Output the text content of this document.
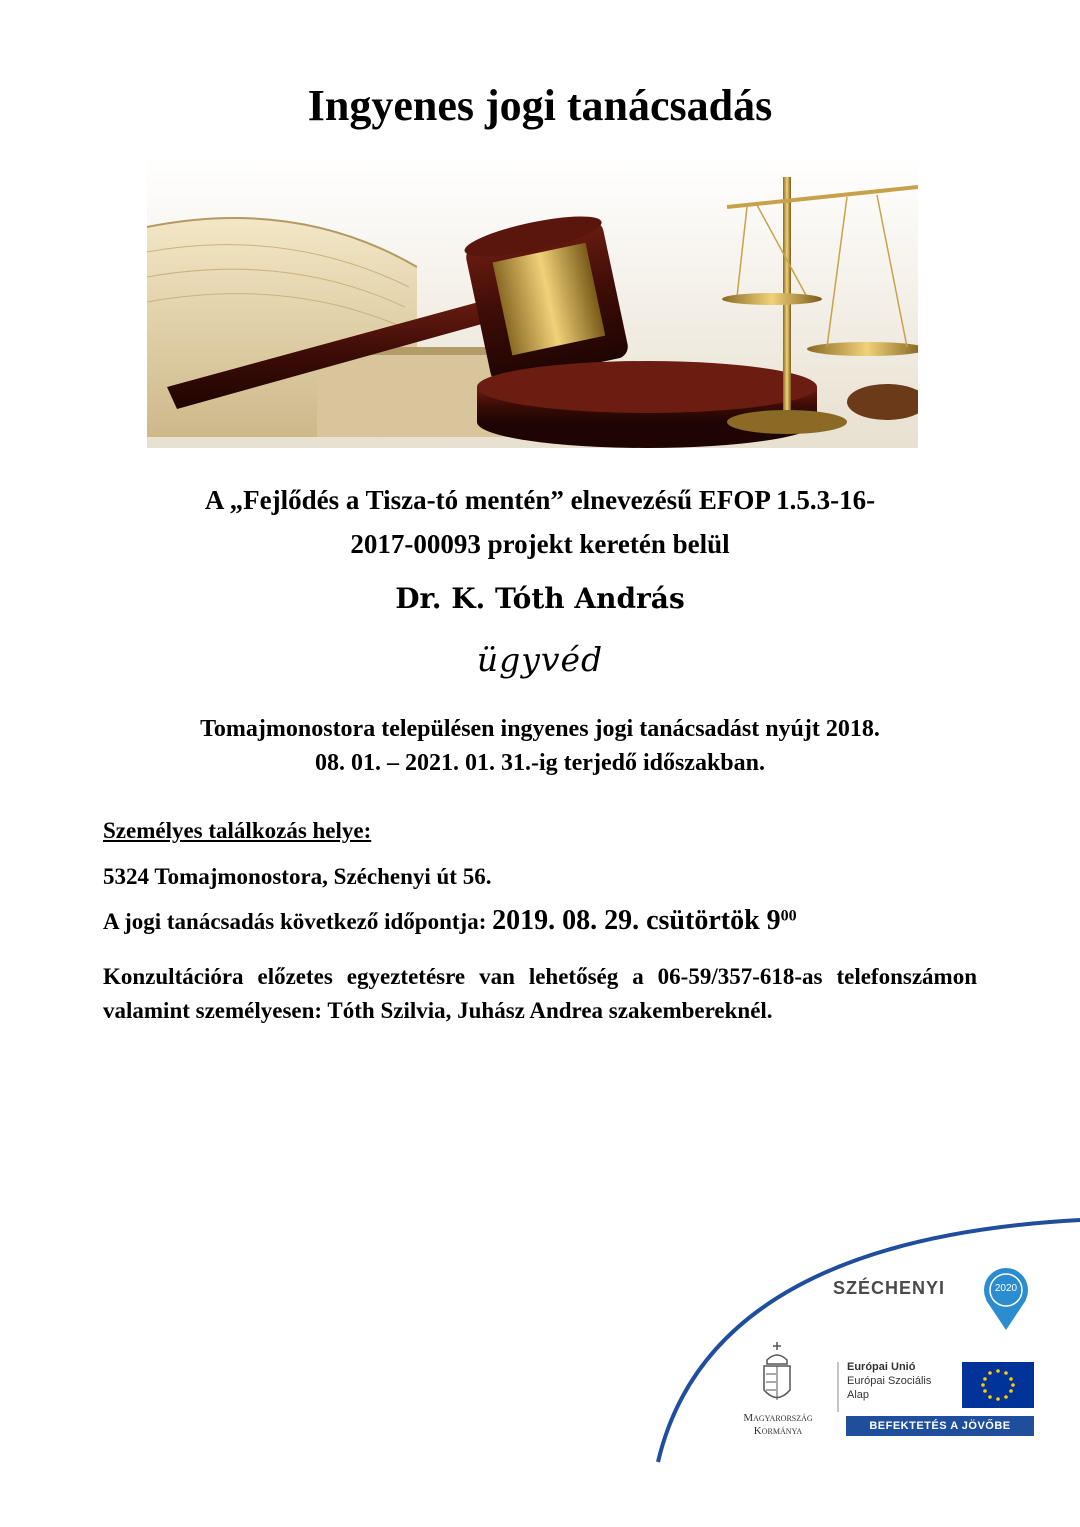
Ingyenes jogi tanácsadás
A „Fejlődés a Tisza-tó mentén” elnevezésű EFOP 1.5.3-16-
2017-00093 projekt keretén belül
Dr. K. Tóth András
ügyvéd
Tomajmonostora településen ingyenes jogi tanácsadást nyújt 2018.
08. 01. – 2021. 01. 31.-ig terjedő időszakban.
Személyes találkozás helye:
5324 Tomajmonostora, Széchenyi út 56.
A jogi tanácsadás következő időpontja: 2019. 08. 29. csütörtök $9^{00}$
Konzultációra előzetes egyeztetésre van lehetőség a 06-59/357-618-as telefonszámon valamint személyesen: Tóth Szilvia, Juhász Andrea szakembereknél.
SZÉCHENYI	2020
Magyarország
Kormánya
Európai Unió
Európai Szociális
Alap
BEFEKTETÉS A JÖVŐBE
